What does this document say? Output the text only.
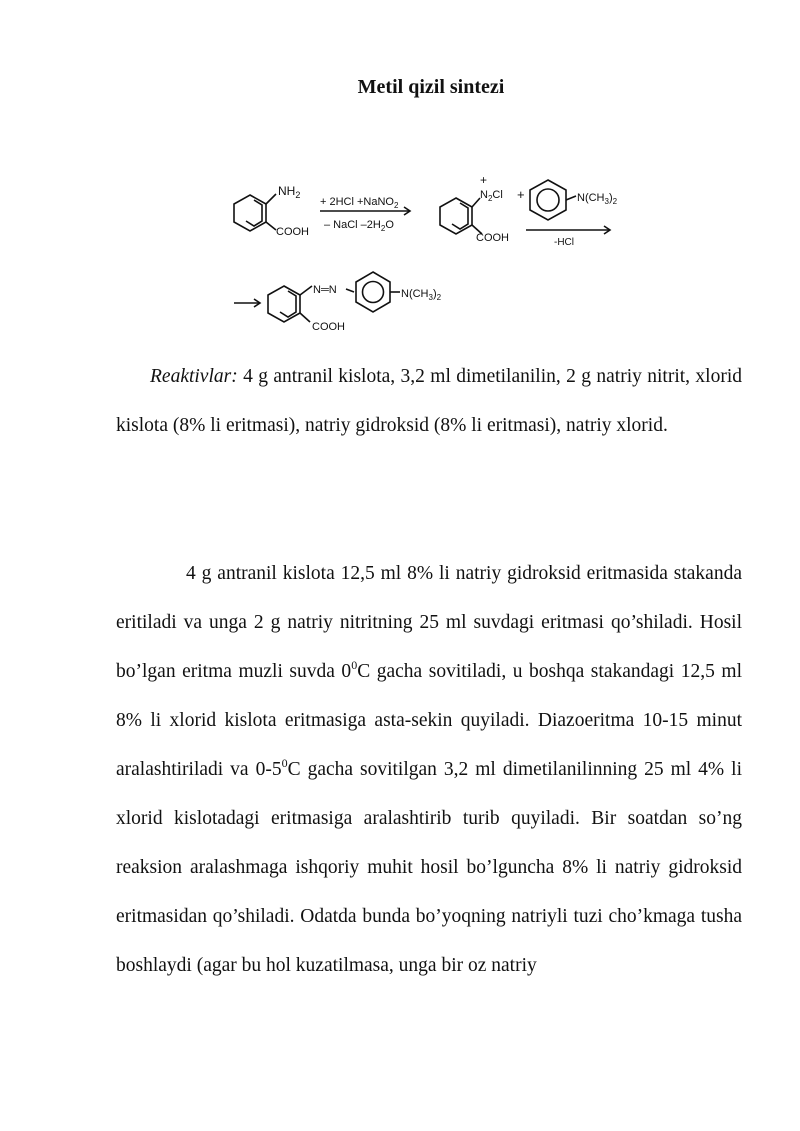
Metil qizil sintezi
$NH_2$
COOH
+ 2HCl +NaNO$_2$
– NaCl $-2H_2O$
+
$N_2Cl$
COOH
+	$N(CH_3)_2$
-HCl
N═N	$N(CH_3)_2$
COOH

Reaktivlar: 4 g antranil kislota, 3,2 ml dimetilanilin, 2 g natriy nitrit, xlorid kislota (8% li eritmasi), natriy gidroksid (8% li eritmasi), natriy xlorid.

4 g antranil kislota 12,5 ml 8% li natriy gidroksid eritmasida stakanda eritiladi va unga 2 g natriy nitritning 25 ml suvdagi eritmasi qo’shiladi. Hosil bo’lgan eritma muzli suvda $0^0C$ gacha sovitiladi, u boshqa stakandagi 12,5 ml 8% li xlorid kislota eritmasiga asta-sekin quyiladi. Diazoeritma 10-15 minut aralashtiriladi va $0-5^0C$ gacha sovitilgan 3,2 ml dimetilanilinning 25 ml 4% li xlorid kislotadagi eritmasiga aralashtirib turib quyiladi. Bir soatdan so’ng reaksion aralashmaga ishqoriy muhit hosil bo’lguncha 8% li natriy gidroksid eritmasidan qo’shiladi. Odatda bunda bo’yoqning natriyli tuzi cho’kmaga tusha boshlaydi (agar bu hol kuzatilmasa, unga bir oz natriy
